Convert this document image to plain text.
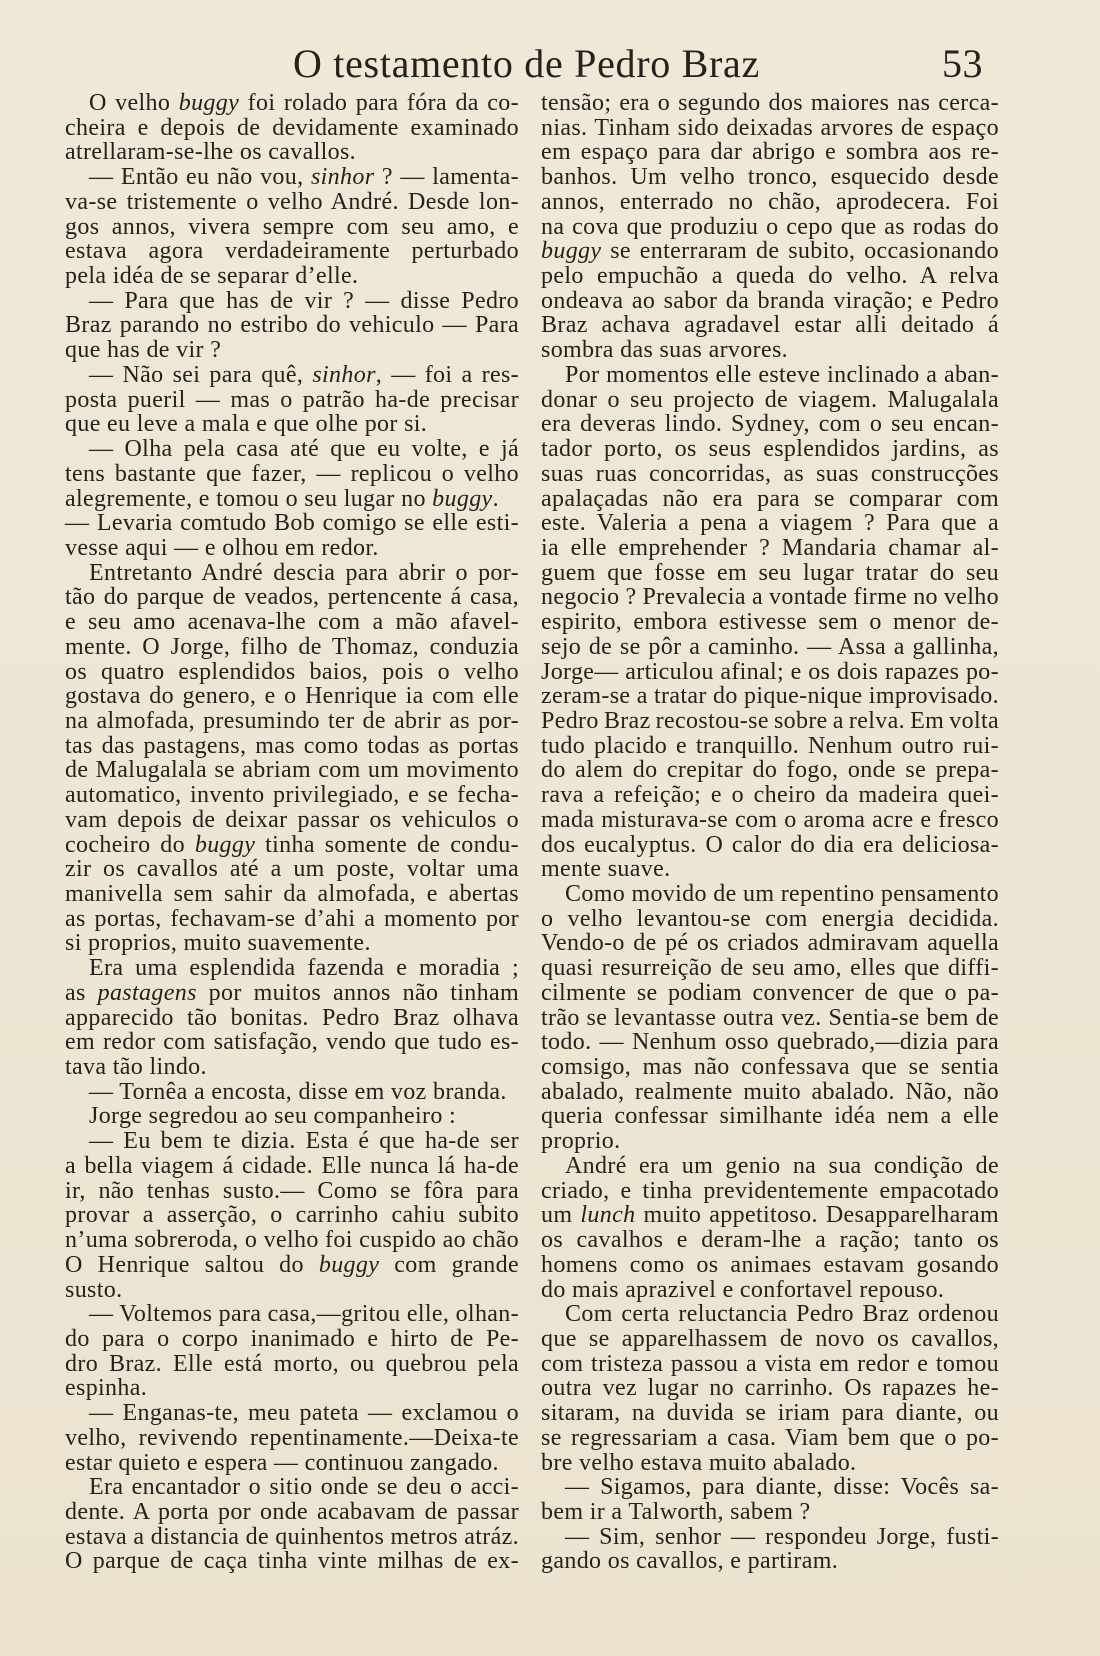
O testamento de Pedro Braz	53
O velho buggy foi rolado para fóra da co-
cheira e depois de devidamente examinado
atrellaram-se-lhe os cavallos.
— Então eu não vou, sinhor ? — lamenta-
va-se tristemente o velho André. Desde lon-
gos annos, vivera sempre com seu amo, e
estava agora verdadeiramente perturbado
pela idéa de se separar d’elle.
— Para que has de vir ? — disse Pedro
Braz parando no estribo do vehiculo — Para
que has de vir ?
— Não sei para quê, sinhor, — foi a res-
posta pueril — mas o patrão ha-de precisar
que eu leve a mala e que olhe por si.
— Olha pela casa até que eu volte, e já
tens bastante que fazer, — replicou o velho
alegremente, e tomou o seu lugar no buggy.
— Levaria comtudo Bob comigo se elle esti-
vesse aqui — e olhou em redor.
Entretanto André descia para abrir o por-
tão do parque de veados, pertencente á casa,
e seu amo acenava-lhe com a mão afavel-
mente. O Jorge, filho de Thomaz, conduzia
os quatro esplendidos baios, pois o velho
gostava do genero, e o Henrique ia com elle
na almofada, presumindo ter de abrir as por-
tas das pastagens, mas como todas as portas
de Malugalala se abriam com um movimento
automatico, invento privilegiado, e se fecha-
vam depois de deixar passar os vehiculos o
cocheiro do buggy tinha somente de condu-
zir os cavallos até a um poste, voltar uma
manivella sem sahir da almofada, e abertas
as portas, fechavam-se d’ahi a momento por
si proprios, muito suavemente.
Era uma esplendida fazenda e moradia ;
as pastagens por muitos annos não tinham
apparecido tão bonitas. Pedro Braz olhava
em redor com satisfação, vendo que tudo es-
tava tão lindo.
— Tornêa a encosta, disse em voz branda.
Jorge segredou ao seu companheiro :
— Eu bem te dizia. Esta é que ha-de ser
a bella viagem á cidade. Elle nunca lá ha-de
ir, não tenhas susto.— Como se fôra para
provar a asserção, o carrinho cahiu subito
n’uma sobreroda, o velho foi cuspido ao chão
O Henrique saltou do buggy com grande
susto.
— Voltemos para casa,—gritou elle, olhan-
do para o corpo inanimado e hirto de Pe-
dro Braz. Elle está morto, ou quebrou pela
espinha.
— Enganas-te, meu pateta — exclamou o
velho, revivendo repentinamente.—Deixa-te
estar quieto e espera — continuou zangado.
Era encantador o sitio onde se deu o acci-
dente. A porta por onde acabavam de passar
estava a distancia de quinhentos metros atráz.
O parque de caça tinha vinte milhas de ex-
tensão; era o segundo dos maiores nas cerca-
nias. Tinham sido deixadas arvores de espaço
em espaço para dar abrigo e sombra aos re-
banhos. Um velho tronco, esquecido desde
annos, enterrado no chão, aprodecera. Foi
na cova que produziu o cepo que as rodas do
buggy se enterraram de subito, occasionando
pelo empuchão a queda do velho. A relva
ondeava ao sabor da branda viração; e Pedro
Braz achava agradavel estar alli deitado á
sombra das suas arvores.
Por momentos elle esteve inclinado a aban-
donar o seu projecto de viagem. Malugalala
era deveras lindo. Sydney, com o seu encan-
tador porto, os seus esplendidos jardins, as
suas ruas concorridas, as suas construcções
apalaçadas não era para se comparar com
este. Valeria a pena a viagem ? Para que a
ia elle emprehender ? Mandaria chamar al-
guem que fosse em seu lugar tratar do seu
negocio ? Prevalecia a vontade firme no velho
espirito, embora estivesse sem o menor de-
sejo de se pôr a caminho. — Assa a gallinha,
Jorge— articulou afinal; e os dois rapazes po-
zeram-se a tratar do pique-nique improvisado.
Pedro Braz recostou-se sobre a relva. Em volta
tudo placido e tranquillo. Nenhum outro rui-
do alem do crepitar do fogo, onde se prepa-
rava a refeição; e o cheiro da madeira quei-
mada misturava-se com o aroma acre e fresco
dos eucalyptus. O calor do dia era deliciosa-
mente suave.
Como movido de um repentino pensamento
o velho levantou-se com energia decidida.
Vendo-o de pé os criados admiravam aquella
quasi resurreição de seu amo, elles que diffi-
cilmente se podiam convencer de que o pa-
trão se levantasse outra vez. Sentia-se bem de
todo. — Nenhum osso quebrado,—dizia para
comsigo, mas não confessava que se sentia
abalado, realmente muito abalado. Não, não
queria confessar similhante idéa nem a elle
proprio.
André era um genio na sua condição de
criado, e tinha previdentemente empacotado
um lunch muito appetitoso. Desapparelharam
os cavalhos e deram-lhe a ração; tanto os
homens como os animaes estavam gosando
do mais aprazivel e confortavel repouso.
Com certa reluctancia Pedro Braz ordenou
que se apparelhassem de novo os cavallos,
com tristeza passou a vista em redor e tomou
outra vez lugar no carrinho. Os rapazes he-
sitaram, na duvida se iriam para diante, ou
se regressariam a casa. Viam bem que o po-
bre velho estava muito abalado.
— Sigamos, para diante, disse: Vocês sa-
bem ir a Talworth, sabem ?
— Sim, senhor — respondeu Jorge, fusti-
gando os cavallos, e partiram.
